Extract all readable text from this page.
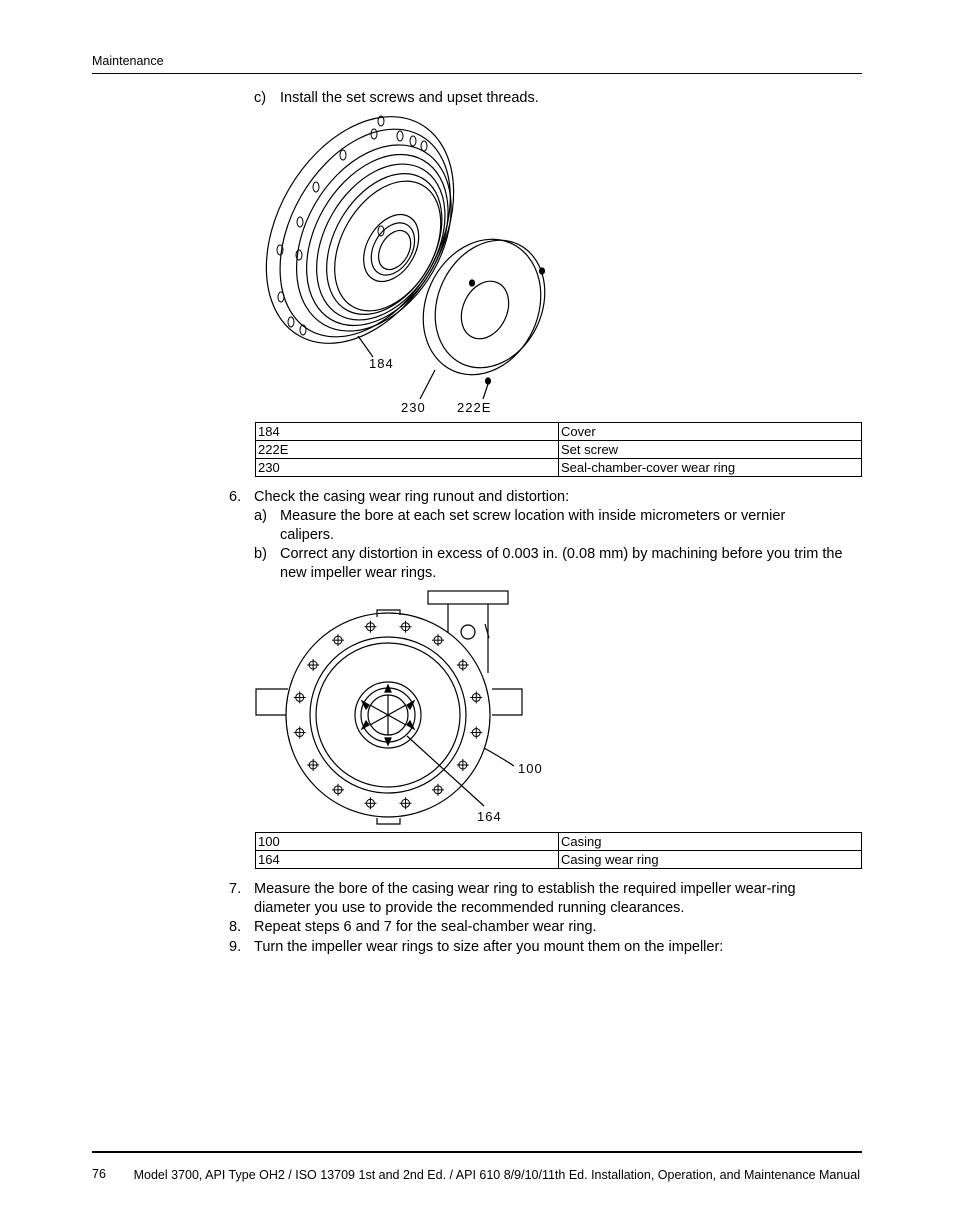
Maintenance
c) Install the set screws and upset threads.
184
230 222E
184	Cover
222E	Set screw
230	Seal-chamber-cover wear ring
6. Check the casing wear ring runout and distortion:
a) Measure the bore at each set screw location with inside micrometers or vernier calipers.
b) Correct any distortion in excess of 0.003 in. (0.08 mm) by machining before you trim the new impeller wear rings.
100
164
100	Casing
164	Casing wear ring
7. Measure the bore of the casing wear ring to establish the required impeller wear-ring diameter you use to provide the recommended running clearances.
8. Repeat steps 6 and 7 for the seal-chamber wear ring.
9. Turn the impeller wear rings to size after you mount them on the impeller:
76	Model 3700, API Type OH2 / ISO 13709 1st and 2nd Ed. / API 610 8/9/10/11th Ed. Installation, Operation, and Maintenance Manual
